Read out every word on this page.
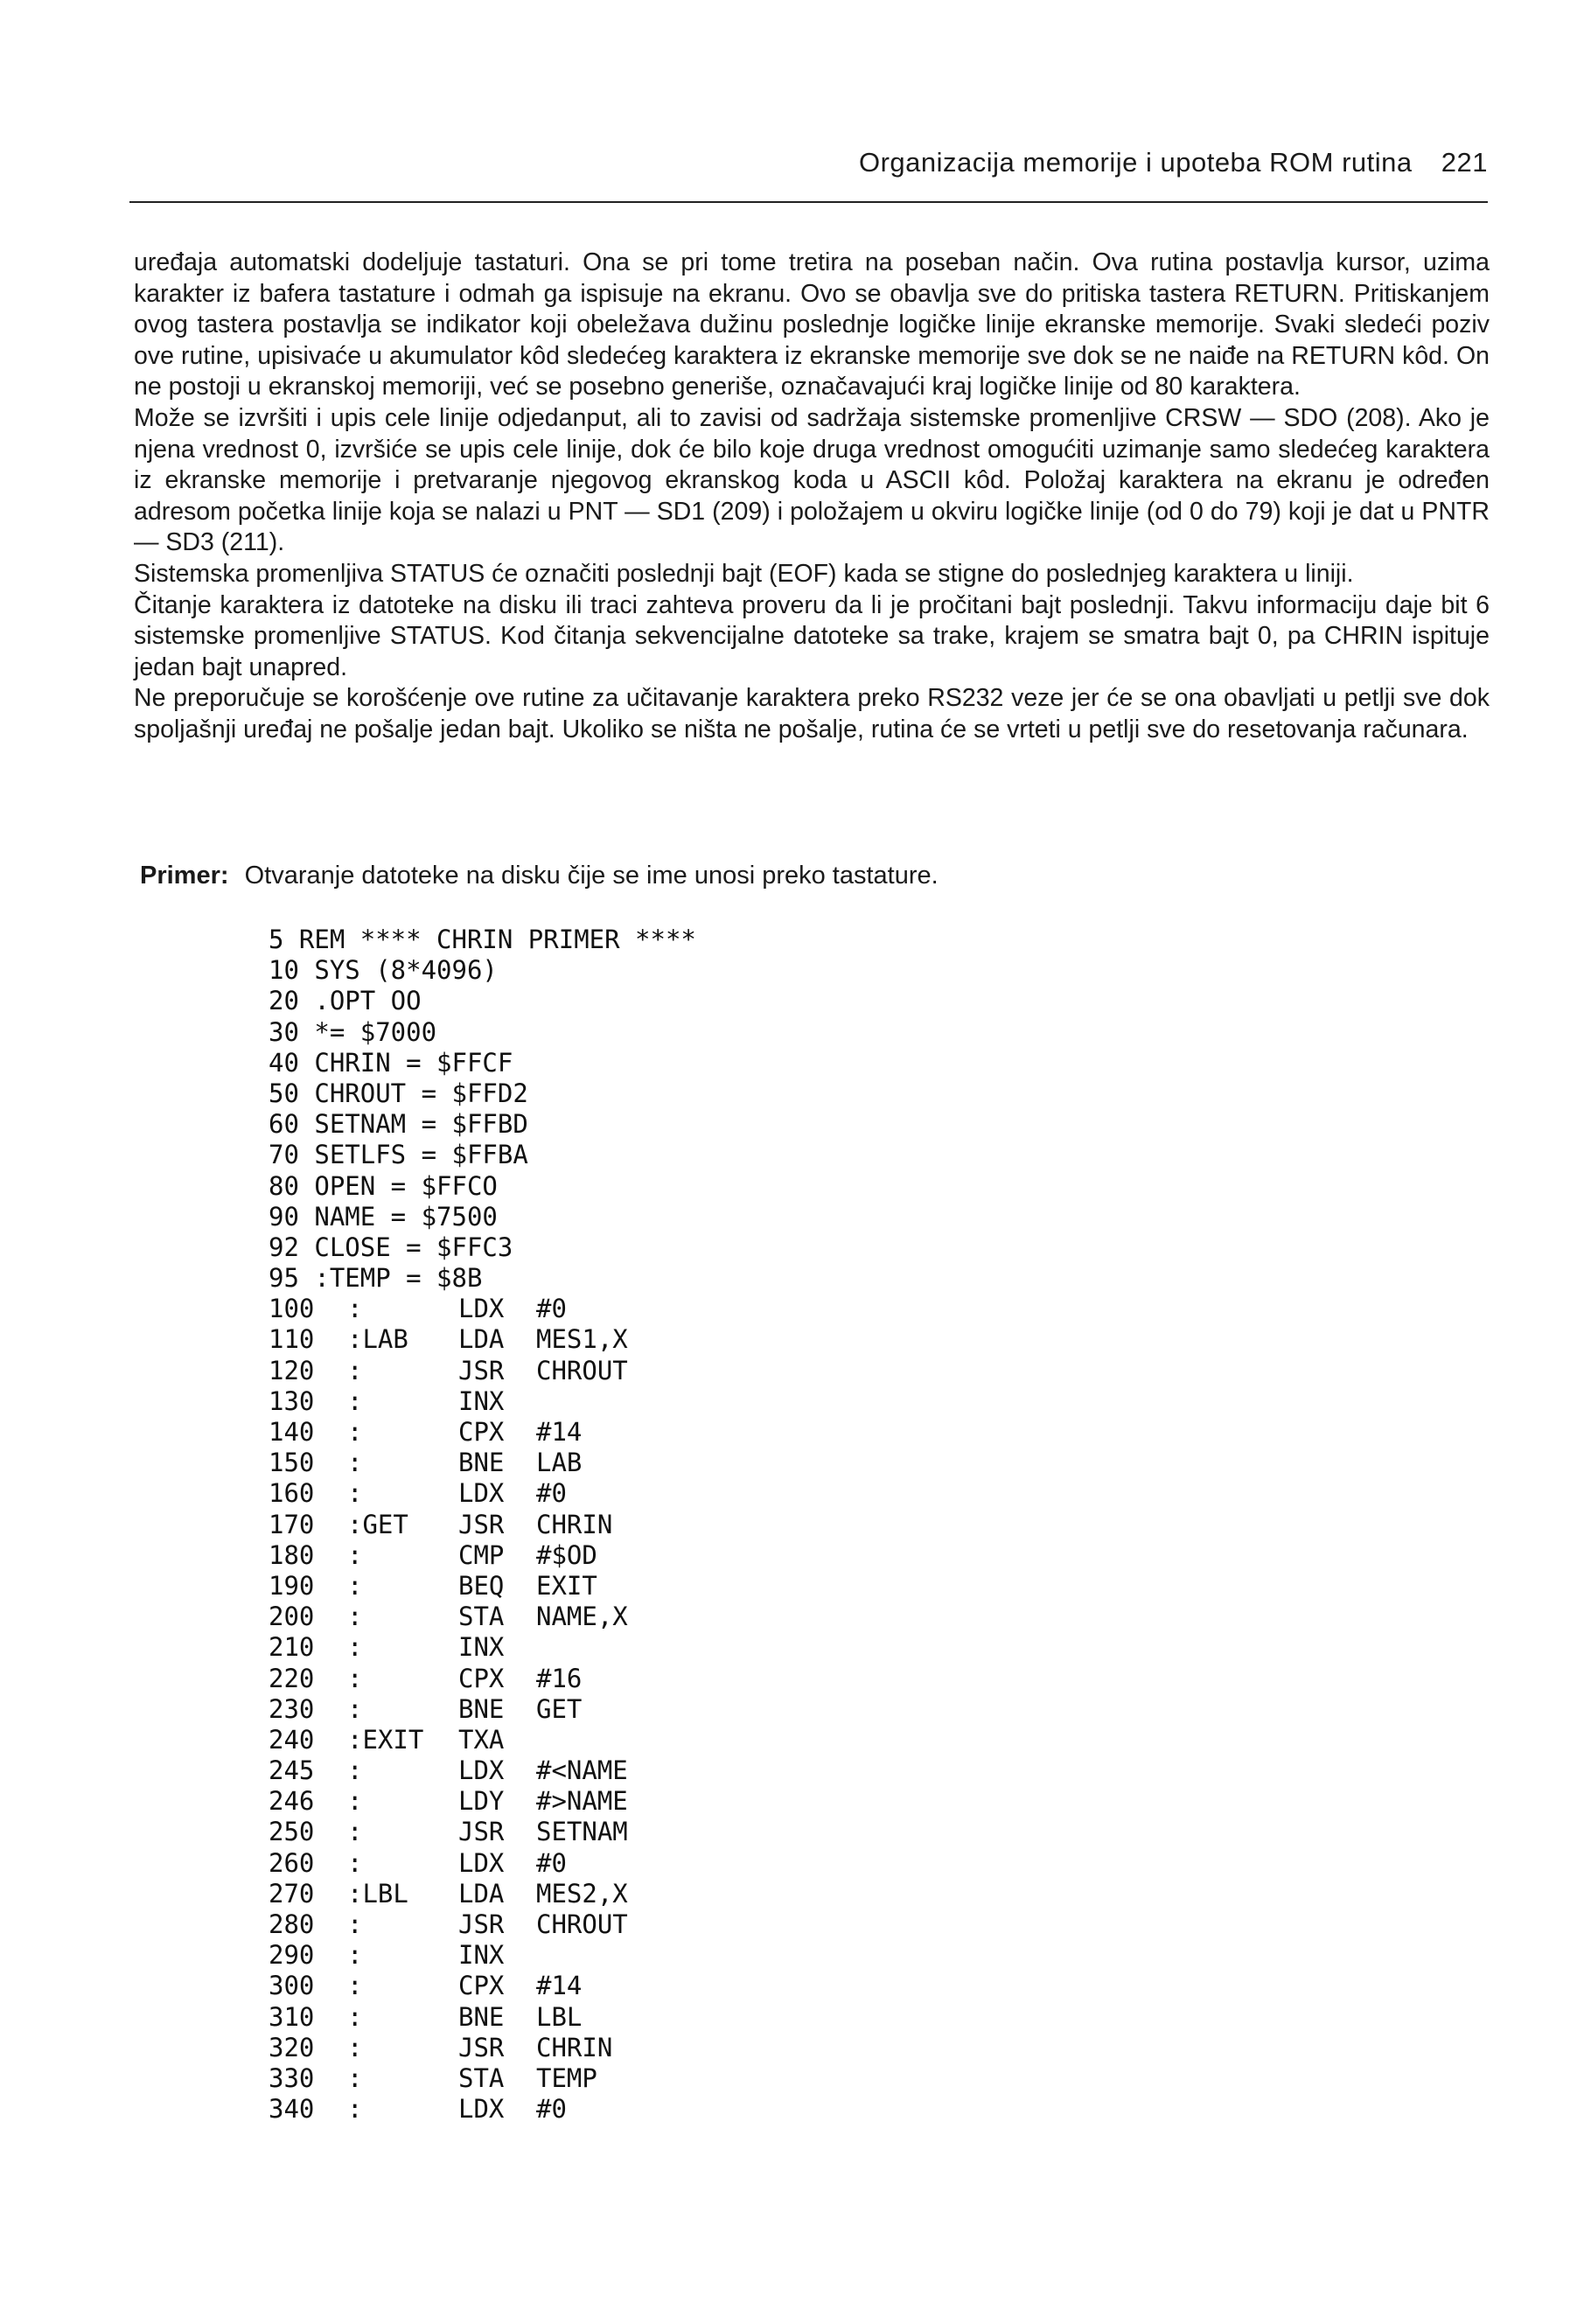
Organizacija memorije i upoteba ROM rutina 221

uređaja automatski dodeljuje tastaturi. Ona se pri tome tretira na poseban način. Ova rutina postavlja kursor, uzima karakter iz bafera tastature i odmah ga ispisuje na ekranu. Ovo se obavlja sve do pritiska tastera RETURN. Pritiskanjem ovog tastera postavlja se indikator koji obeležava dužinu poslednje logičke linije ekranske memorije. Svaki sledeći poziv ove rutine, upisivaće u akumulator kôd sledećeg karaktera iz ekranske memorije sve dok se ne naiđe na RETURN kôd. On ne postoji u ekranskoj memoriji, već se posebno generiše, označavajući kraj logičke linije od 80 karaktera.

Može se izvršiti i upis cele linije odjedanput, ali to zavisi od sadržaja sistemske promenljive CRSW — SDO (208). Ako je njena vrednost 0, izvršiće se upis cele linije, dok će bilo koje druga vrednost omogućiti uzimanje samo sledećeg karaktera iz ekranske memorije i pretvaranje njegovog ekranskog koda u ASCII kôd. Položaj karaktera na ekranu je određen adresom početka linije koja se nalazi u PNT — SD1 (209) i položajem u okviru logičke linije (od 0 do 79) koji je dat u PNTR — SD3 (211).

Sistemska promenljiva STATUS će označiti poslednji bajt (EOF) kada se stigne do poslednjeg karaktera u liniji.

Čitanje karaktera iz datoteke na disku ili traci zahteva proveru da li je pročitani bajt poslednji. Takvu informaciju daje bit 6 sistemske promenljive STATUS. Kod čitanja sekvencijalne datoteke sa trake, krajem se smatra bajt 0, pa CHRIN ispituje jedan bajt unapred.

Ne preporučuje se korošćenje ove rutine za učitavanje karaktera preko RS232 veze jer će se ona obavljati u petlji sve dok spoljašnji uređaj ne pošalje jedan bajt. Ukoliko se ništa ne pošalje, rutina će se vrteti u petlji sve do resetovanja računara.

Primer: Otvaranje datoteke na disku čije se ime unosi preko tastature.
5 REM **** CHRIN PRIMER ****
10 SYS (8*4096)
20 .OPT OO
30 *= $7000
40 CHRIN = $FFCF
50 CHROUT = $FFD2
60 SETNAM = $FFBD
70 SETLFS = $FFBA
80 OPEN = $FFCO
90 NAME = $7500
92 CLOSE = $FFC3
95 :TEMP = $8B
100 :	LDX #0
110 :LAB LDA MES1,X
120 :	JSR CHROUT
130 :	INX
140 :	CPX #14
150 :	BNE LAB
160 :	LDX #0
170 :GET JSR CHRIN
180 :	CMP #$OD
190 :	BEQ EXIT
200 :	STA NAME,X
210 :	INX
220 :	CPX #16
230 :	BNE GET
240 :EXIT TXA
245 :	LDX #<NAME
246 :	LDY #>NAME
250 :	JSR SETNAM
260 :	LDX #0
270 :LBL LDA MES2,X
280 :	JSR CHROUT
290 :	INX
300 :	CPX #14
310 :	BNE LBL
320 :	JSR CHRIN
330 :	STA TEMP
340 :	LDX #0
